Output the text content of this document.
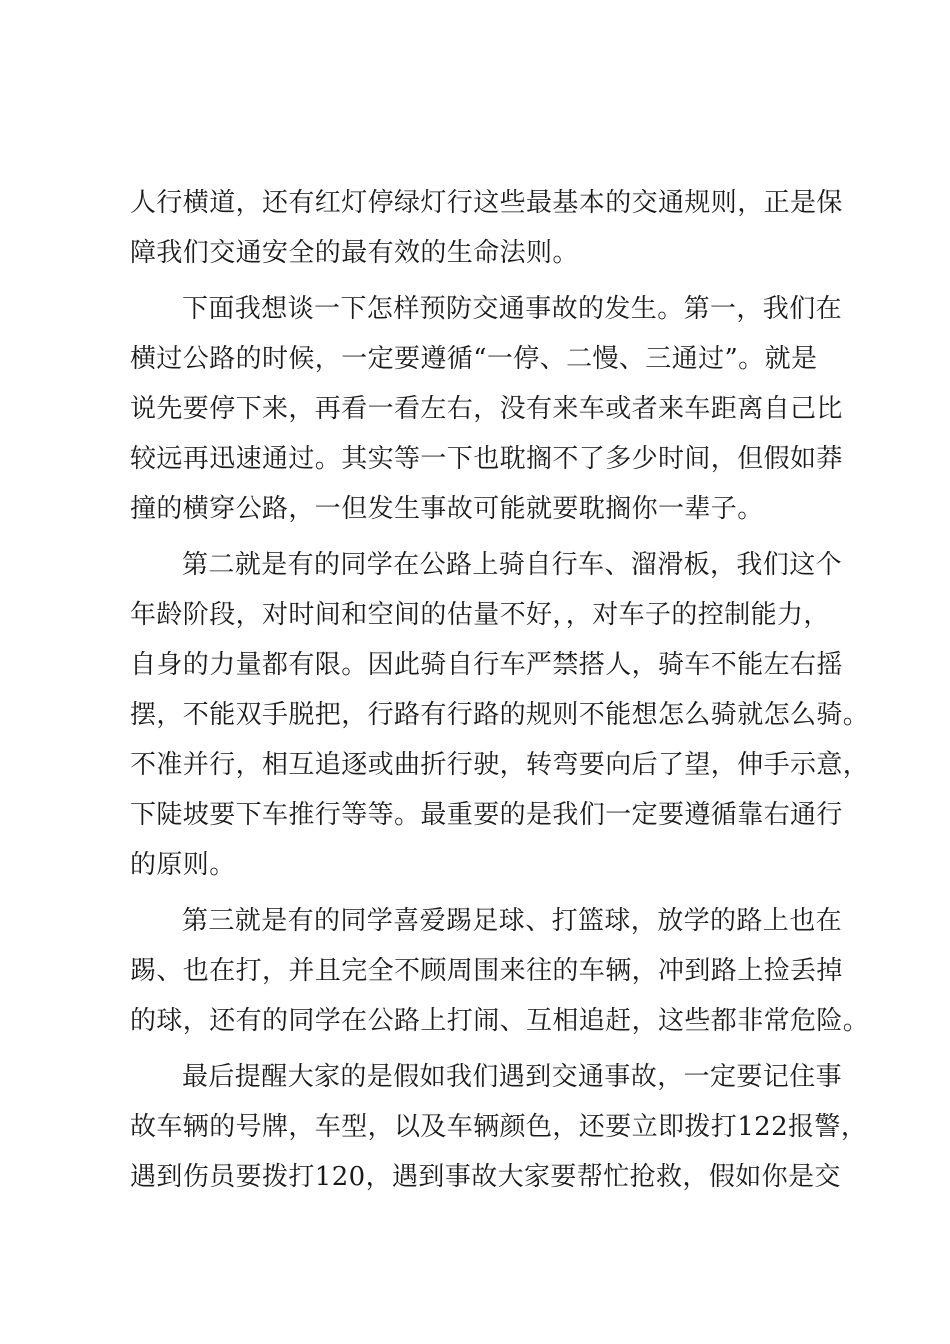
人行横道，还有红灯停绿灯行这些最基本的交通规则，正是保
障我们交通安全的最有效的生命法则。
下面我想谈一下怎样预防交通事故的发生。第一，我们在
横过公路的时候，一定要遵循“一停、二慢、三通过”。就是
说先要停下来，再看一看左右，没有来车或者来车距离自己比
较远再迅速通过。其实等一下也耽搁不了多少时间，但假如莽
撞的横穿公路，一但发生事故可能就要耽搁你一辈子。
第二就是有的同学在公路上骑自行车、溜滑板，我们这个
年龄阶段，对时间和空间的估量不好，，对车子的控制能力，
自身的力量都有限。因此骑自行车严禁搭人，骑车不能左右摇
摆，不能双手脱把，行路有行路的规则不能想怎么骑就怎么骑。
不准并行，相互追逐或曲折行驶，转弯要向后了望，伸手示意，
下陡坡要下车推行等等。最重要的是我们一定要遵循靠右通行
的原则。
第三就是有的同学喜爱踢足球、打篮球，放学的路上也在
踢、也在打，并且完全不顾周围来往的车辆，冲到路上捡丢掉
的球，还有的同学在公路上打闹、互相追赶，这些都非常危险。
最后提醒大家的是假如我们遇到交通事故，一定要记住事
故车辆的号牌，车型，以及车辆颜色，还要立即拨打122报警，
遇到伤员要拨打120，遇到事故大家要帮忙抢救，假如你是交
